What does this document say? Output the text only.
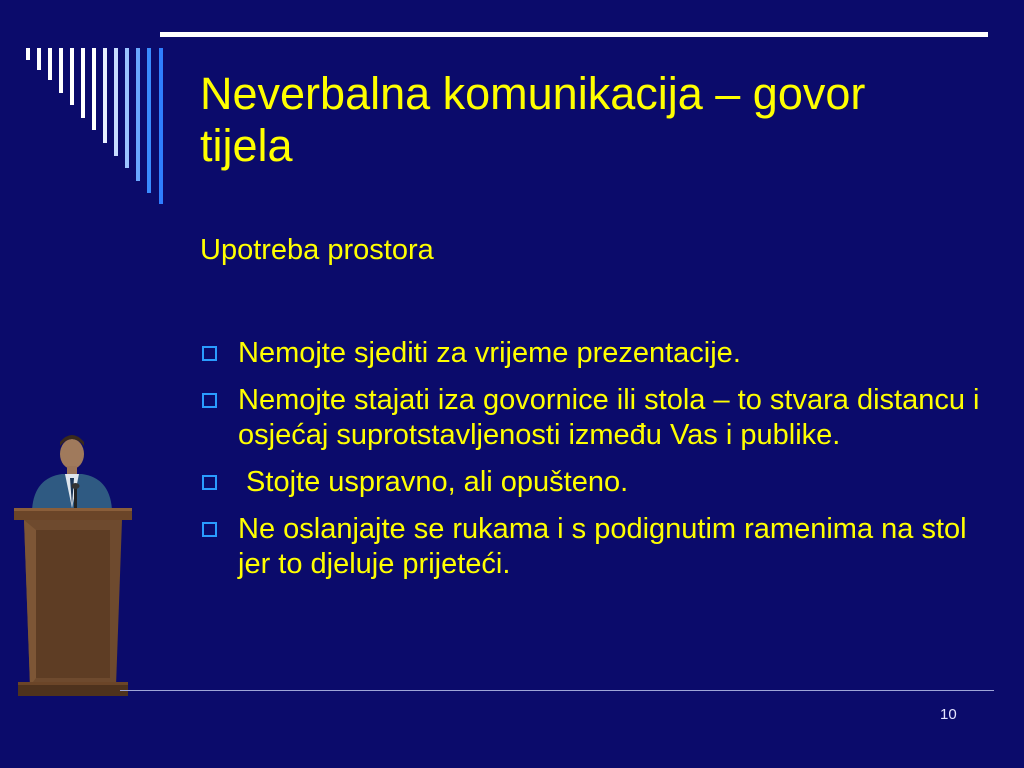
Neverbalna komunikacija – govor tijela

Upotreba prostora

Nemojte sjediti za vrijeme prezentacije.
Nemojte stajati iza govornice ili stola – to stvara distancu i osjećaj suprotstavljenosti između Vas i publike.
Stojte uspravno, ali opušteno.
Ne oslanjajte se rukama i s podignutim ramenima na stol jer to djeluje prijeteći.
10
